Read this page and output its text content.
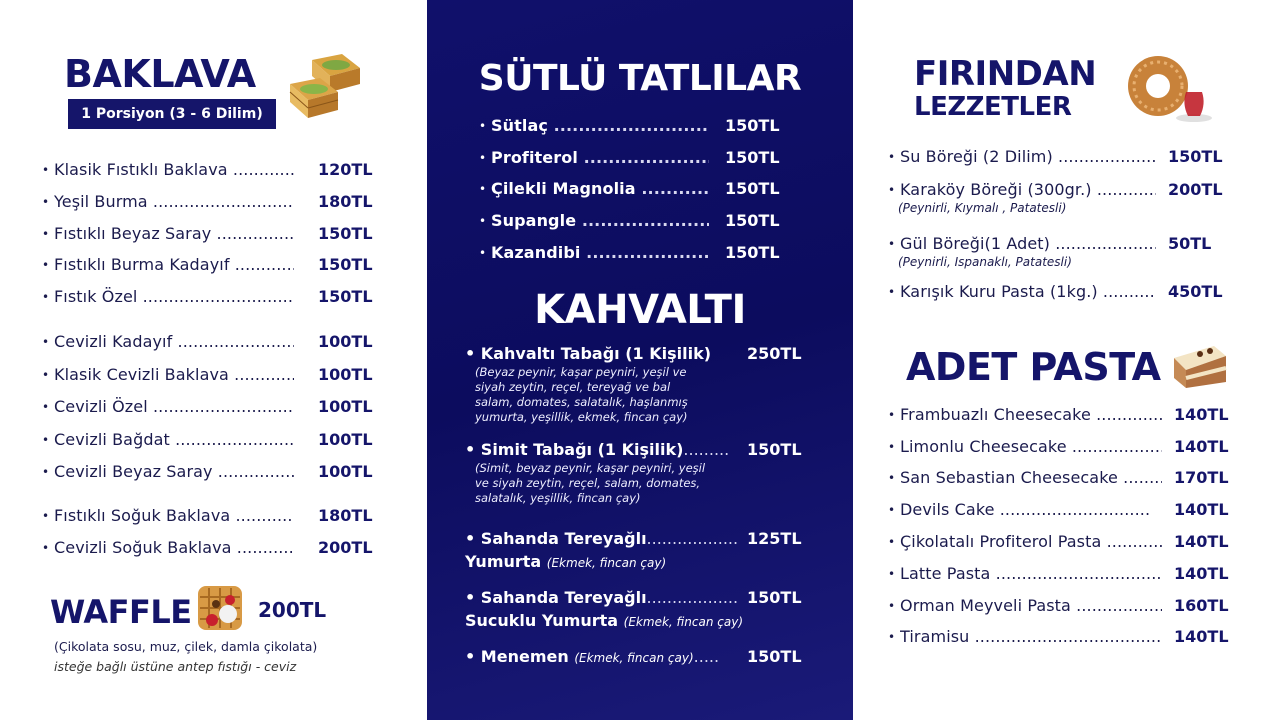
BAKLAVA
1 Porsiyon (3 - 6 Dilim)
• Klasik Fıstıklı Baklava .....	120TL
• Yeşil Burma .....	180TL
• Fıstıklı Beyaz Saray .....	150TL
• Fıstıklı Burma Kadayıf .....	150TL
• Fıstık Özel .....	150TL
• Cevizli Kadayıf .....	100TL
• Klasik Cevizli Baklava .....	100TL
• Cevizli Özel .....	100TL
• Cevizli Bağdat .....	100TL
• Cevizli Beyaz Saray .....	100TL
• Fıstıklı Soğuk Baklava .....	180TL
• Cevizli Soğuk Baklava .....	200TL
WAFFLE	200TL
(Çikolata sosu, muz, çilek, damla çikolata)
isteğe bağlı üstüne antep fıstığı - ceviz
SÜTLÜ TATLILAR
• Sütlaç .....	150TL
• Profiterol .....	150TL
• Çilekli Magnolia .....	150TL
• Supangle .....	150TL
• Kazandibi .....	150TL
KAHVALTI
• Kahvaltı Tabağı (1 Kişilik) 250TL
(Beyaz peynir, kaşar peyniri, yeşil ve
siyah zeytin, reçel, tereyağ ve bal
salam, domates, salatalık, haşlanmış
yumurta, yeşillik, ekmek, fincan çay)
• Simit Tabağı (1 Kişilik)......... 150TL
(Simit, beyaz peynir, kaşar peyniri, yeşil
ve siyah zeytin, reçel, salam, domates,
salatalık, yeşillik, fincan çay)
• Sahanda Tereyağlı.................. 125TL
Yumurta (Ekmek, fincan çay)
• Sahanda Tereyağlı.................. 150TL
Sucuklu Yumurta (Ekmek, fincan çay)
• Menemen (Ekmek, fincan çay)..... 150TL
FIRINDAN
LEZZETLER
• Su Böreği (2 Dilim) .....	150TL
• Karaköy Böreği (300gr.) .....	200TL
(Peynirli, Kıymalı , Patatesli)
• Gül Böreği(1 Adet) .....	50TL
(Peynirli, Ispanaklı, Patatesli)
• Karışık Kuru Pasta (1kg.) .....	450TL
ADET PASTA
• Frambuazlı Cheesecake .....	140TL
• Limonlu Cheesecake .....	140TL
• San Sebastian Cheesecake .....	170TL
• Devils Cake .....	140TL
• Çikolatalı Profiterol Pasta .....	140TL
• Latte Pasta .....	140TL
• Orman Meyveli Pasta .....	160TL
• Tiramisu .....	140TL
